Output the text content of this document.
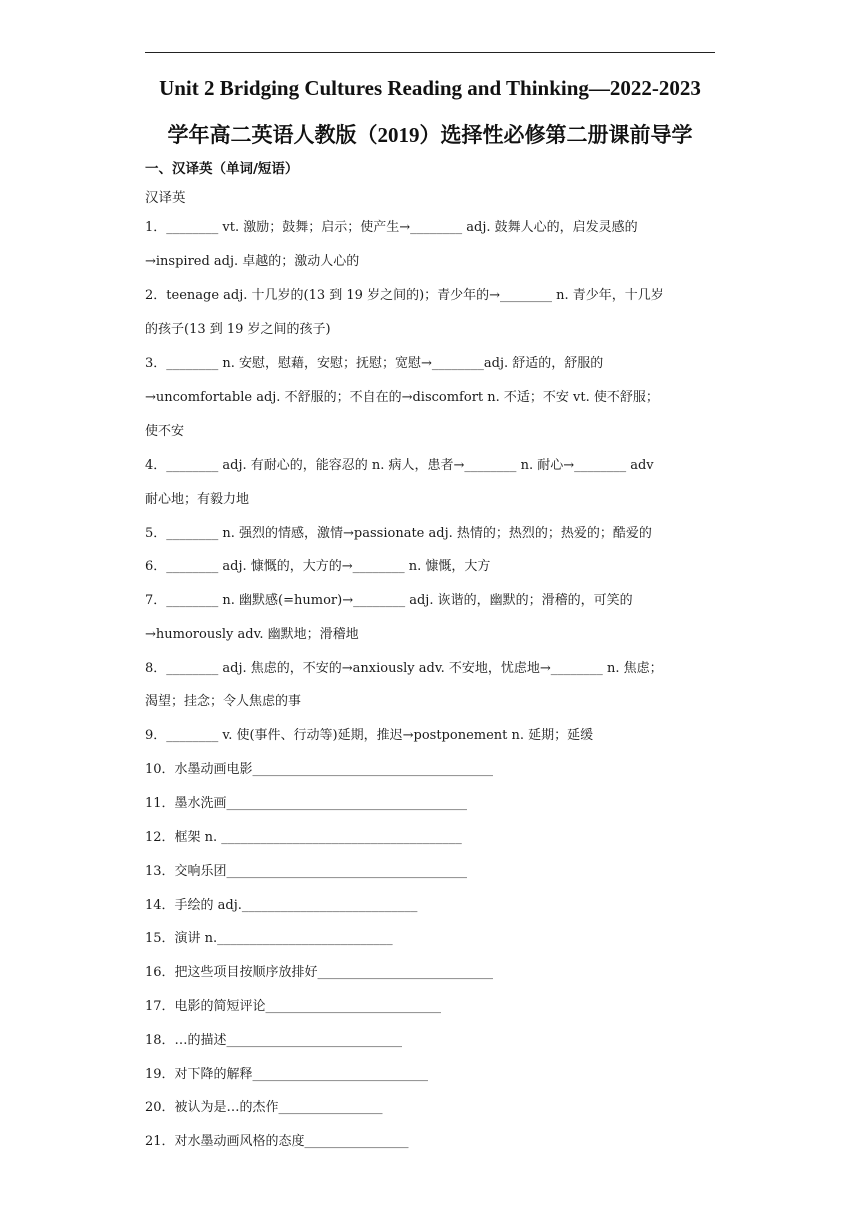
Unit 2 Bridging Cultures Reading and Thinking—2022-2023
学年高二英语人教版（2019）选择性必修第二册课前导学
一、汉译英（单词/短语）
汉译英
1．________ vt. 激励；鼓舞；启示；使产生→________ adj. 鼓舞人心的，启发灵感的
→inspired adj. 卓越的；激动人心的
2．teenage adj. 十几岁的(13 到 19 岁之间的)；青少年的→________ n. 青少年，十几岁
的孩子(13 到 19 岁之间的孩子)
3．________ n. 安慰，慰藉，安慰；抚慰；宽慰→________adj. 舒适的，舒服的
→uncomfortable adj. 不舒服的；不自在的→discomfort n. 不适；不安 vt. 使不舒服；
使不安
4．________ adj. 有耐心的，能容忍的 n. 病人，患者→________ n. 耐心→________ adv
耐心地；有毅力地
5．________ n. 强烈的情感，激情→passionate adj. 热情的；热烈的；热爱的；酷爱的
6．________ adj. 慷慨的，大方的→________ n. 慷慨，大方
7．________ n. 幽默感(=humor)→________ adj. 诙谐的，幽默的；滑稽的，可笑的
→humorously adv. 幽默地；滑稽地
8．________ adj. 焦虑的，不安的→anxiously adv. 不安地，忧虑地→________ n. 焦虑；
渴望；挂念；令人焦虑的事
9．________ v. 使(事件、行动等)延期，推迟→postponement n. 延期；延缓
10．水墨动画电影_____________________________________
11．墨水洗画_____________________________________
12．框架 n. _____________________________________
13．交响乐团_____________________________________
14．手绘的 adj.___________________________
15．演讲 n.___________________________
16．把这些项目按顺序放排好___________________________
17．电影的简短评论___________________________
18．…的描述___________________________
19．对下降的解释___________________________
20．被认为是…的杰作________________
21．对水墨动画风格的态度________________
